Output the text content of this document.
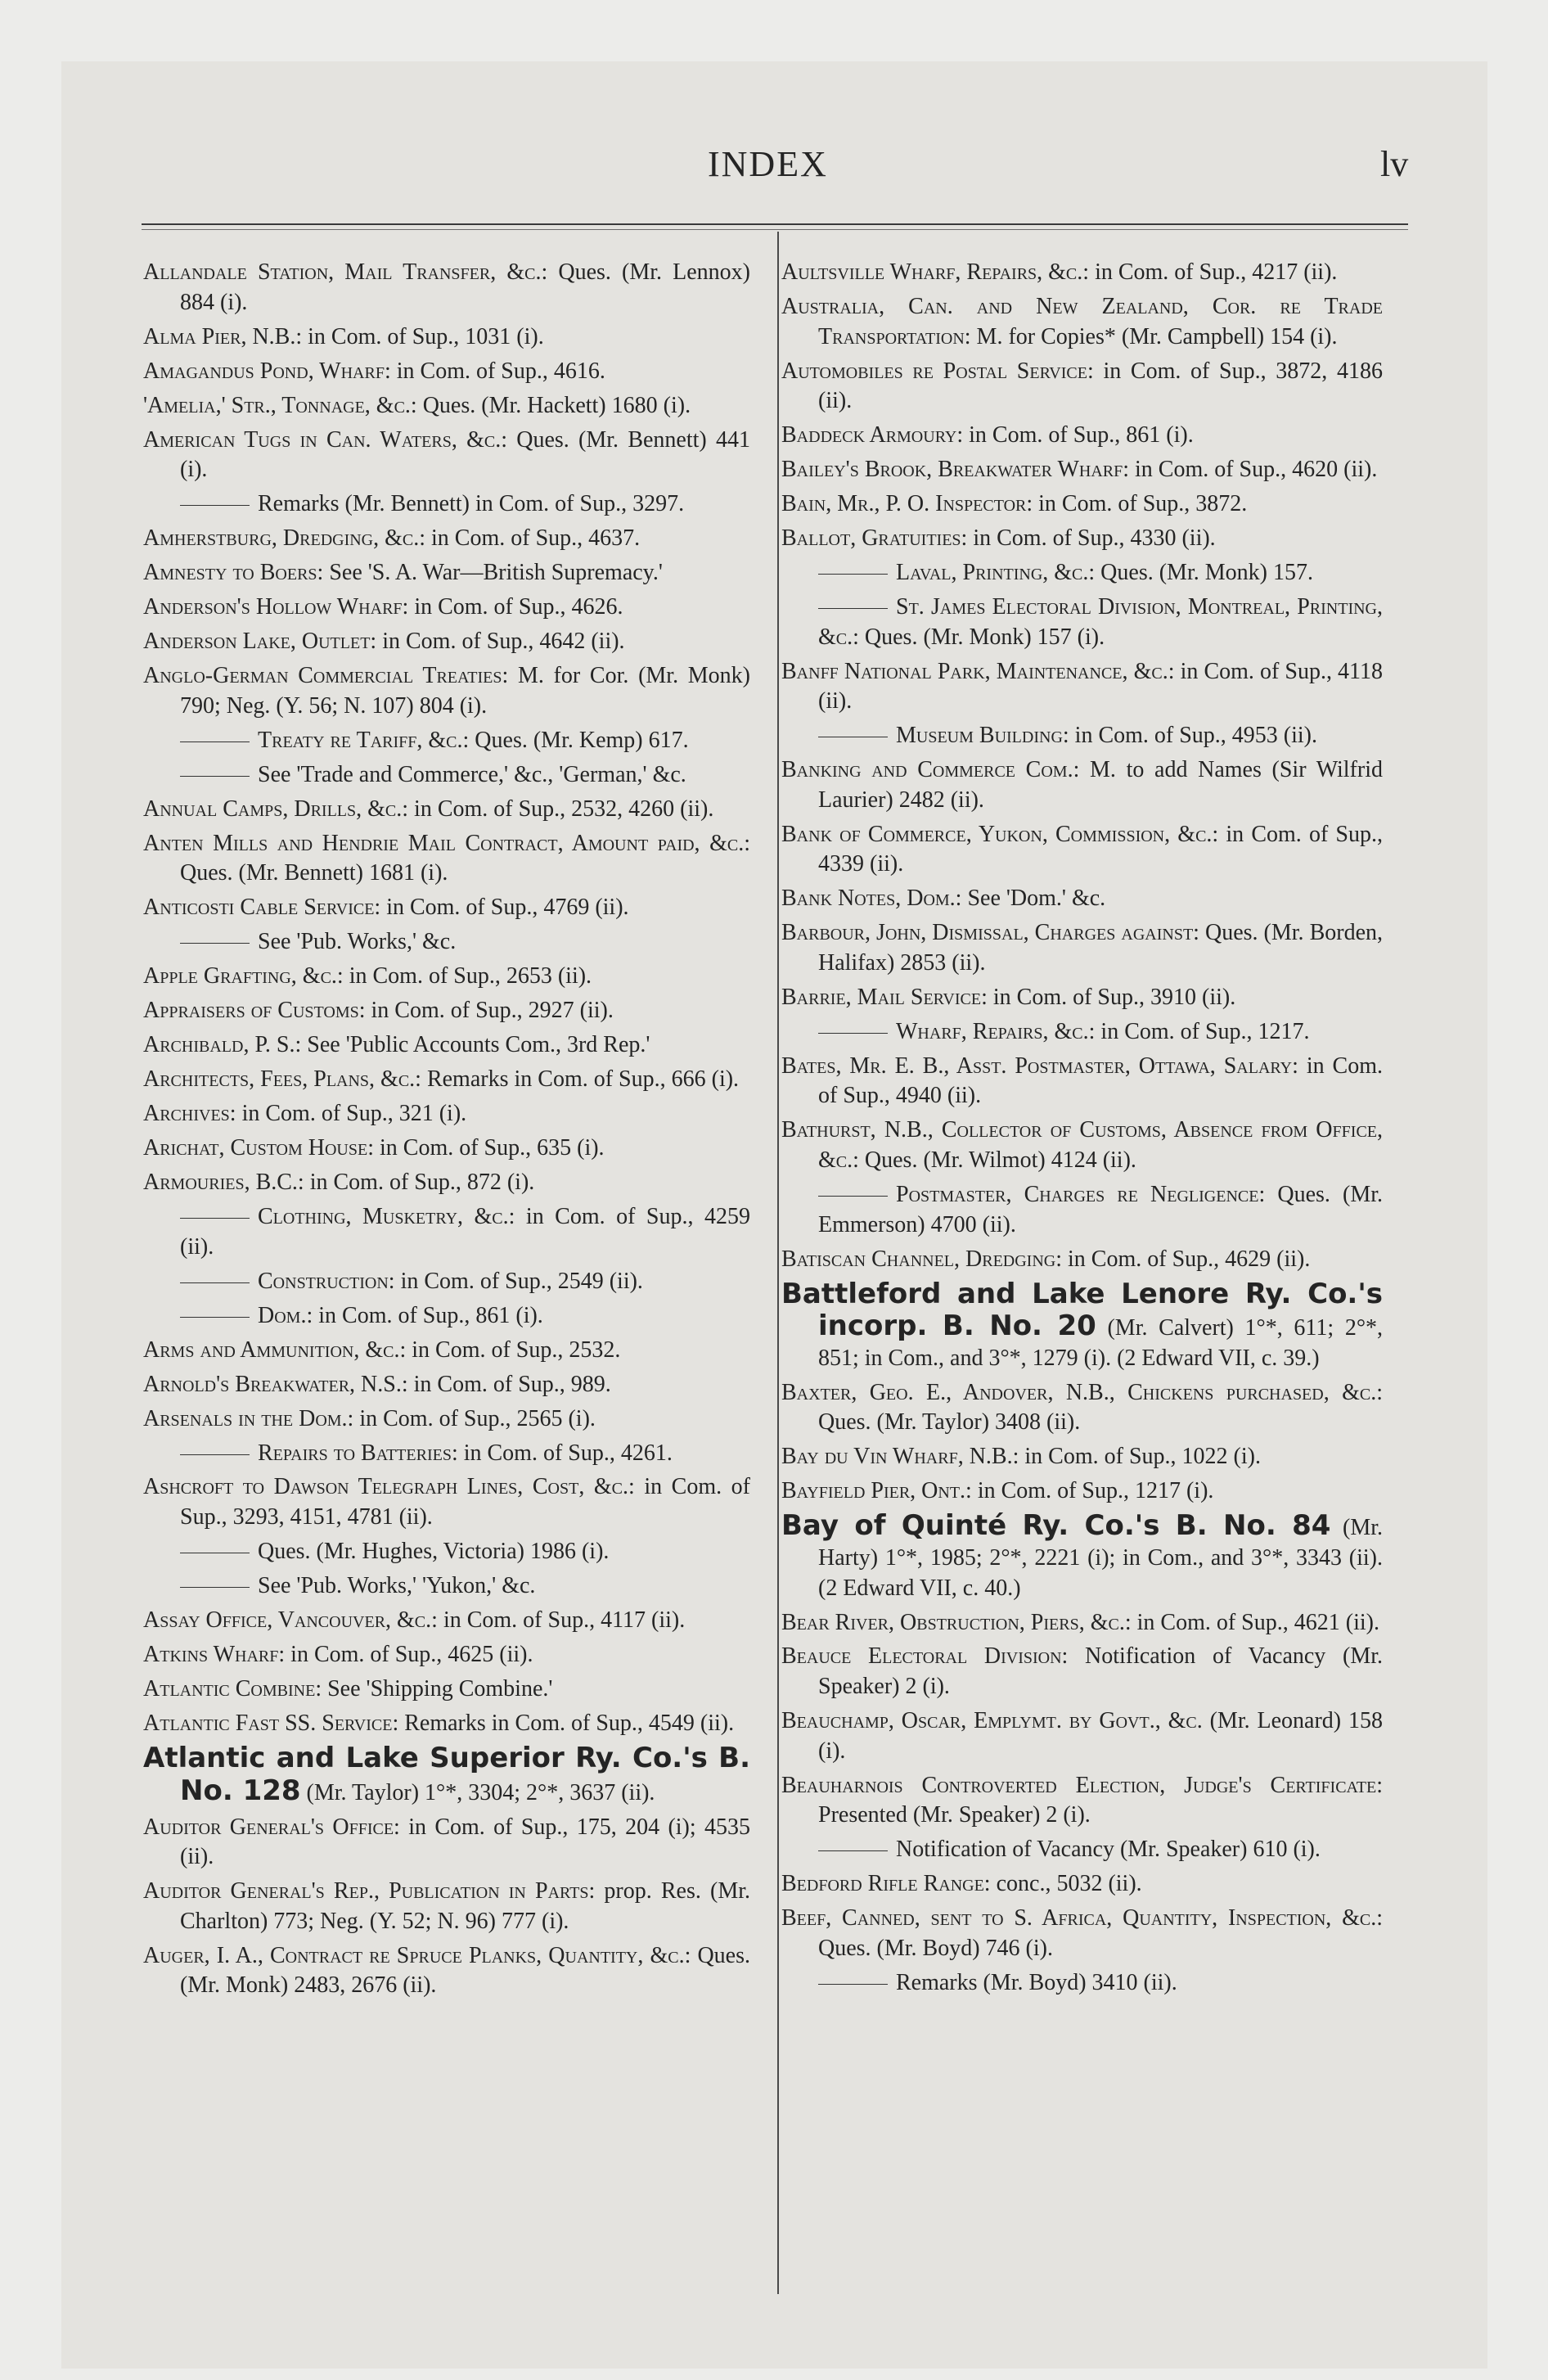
INDEX	lv

Allandale Station, Mail Transfer, &c.: Ques. (Mr. Lennox) 884 (i).

Alma Pier, N.B.: in Com. of Sup., 1031 (i).

Amagandus Pond, Wharf: in Com. of Sup., 4616.

'Amelia,' Str., Tonnage, &c.: Ques. (Mr. Hackett) 1680 (i).

American Tugs in Can. Waters, &c.: Ques. (Mr. Bennett) 441 (i).

Remarks (Mr. Bennett) in Com. of Sup., 3297.

Amherstburg, Dredging, &c.: in Com. of Sup., 4637.

Amnesty to Boers: See 'S. A. War—British Supremacy.'

Anderson's Hollow Wharf: in Com. of Sup., 4626.

Anderson Lake, Outlet: in Com. of Sup., 4642 (ii).

Anglo-German Commercial Treaties: M. for Cor. (Mr. Monk) 790; Neg. (Y. 56; N. 107) 804 (i).

Treaty re Tariff, &c.: Ques. (Mr. Kemp) 617.

See 'Trade and Commerce,' &c., 'German,' &c.

Annual Camps, Drills, &c.: in Com. of Sup., 2532, 4260 (ii).

Anten Mills and Hendrie Mail Contract, Amount paid, &c.: Ques. (Mr. Bennett) 1681 (i).

Anticosti Cable Service: in Com. of Sup., 4769 (ii).

See 'Pub. Works,' &c.

Apple Grafting, &c.: in Com. of Sup., 2653 (ii).

Appraisers of Customs: in Com. of Sup., 2927 (ii).

Archibald, P. S.: See 'Public Accounts Com., 3rd Rep.'

Architects, Fees, Plans, &c.: Remarks in Com. of Sup., 666 (i).

Archives: in Com. of Sup., 321 (i).

Arichat, Custom House: in Com. of Sup., 635 (i).

Armouries, B.C.: in Com. of Sup., 872 (i).

Clothing, Musketry, &c.: in Com. of Sup., 4259 (ii).

Construction: in Com. of Sup., 2549 (ii).

Dom.: in Com. of Sup., 861 (i).

Arms and Ammunition, &c.: in Com. of Sup., 2532.

Arnold's Breakwater, N.S.: in Com. of Sup., 989.

Arsenals in the Dom.: in Com. of Sup., 2565 (i).

Repairs to Batteries: in Com. of Sup., 4261.

Ashcroft to Dawson Telegraph Lines, Cost, &c.: in Com. of Sup., 3293, 4151, 4781 (ii).

Ques. (Mr. Hughes, Victoria) 1986 (i).

See 'Pub. Works,' 'Yukon,' &c.

Assay Office, Vancouver, &c.: in Com. of Sup., 4117 (ii).

Atkins Wharf: in Com. of Sup., 4625 (ii).

Atlantic Combine: See 'Shipping Combine.'

Atlantic Fast SS. Service: Remarks in Com. of Sup., 4549 (ii).

Atlantic and Lake Superior Ry. Co.'s B. No. 128 (Mr. Taylor) 1°*, 3304; 2°*, 3637 (ii).

Auditor General's Office: in Com. of Sup., 175, 204 (i); 4535 (ii).

Auditor General's Rep., Publication in Parts: prop. Res. (Mr. Charlton) 773; Neg. (Y. 52; N. 96) 777 (i).

Auger, I. A., Contract re Spruce Planks, Quantity, &c.: Ques. (Mr. Monk) 2483, 2676 (ii).

Aultsville Wharf, Repairs, &c.: in Com. of Sup., 4217 (ii).

Australia, Can. and New Zealand, Cor. re Trade Transportation: M. for Copies* (Mr. Campbell) 154 (i).

Automobiles re Postal Service: in Com. of Sup., 3872, 4186 (ii).

Baddeck Armoury: in Com. of Sup., 861 (i).

Bailey's Brook, Breakwater Wharf: in Com. of Sup., 4620 (ii).

Bain, Mr., P. O. Inspector: in Com. of Sup., 3872.

Ballot, Gratuities: in Com. of Sup., 4330 (ii).

Laval, Printing, &c.: Ques. (Mr. Monk) 157.

St. James Electoral Division, Montreal, Printing, &c.: Ques. (Mr. Monk) 157 (i).

Banff National Park, Maintenance, &c.: in Com. of Sup., 4118 (ii).

Museum Building: in Com. of Sup., 4953 (ii).

Banking and Commerce Com.: M. to add Names (Sir Wilfrid Laurier) 2482 (ii).

Bank of Commerce, Yukon, Commission, &c.: in Com. of Sup., 4339 (ii).

Bank Notes, Dom.: See 'Dom.' &c.

Barbour, John, Dismissal, Charges against: Ques. (Mr. Borden, Halifax) 2853 (ii).

Barrie, Mail Service: in Com. of Sup., 3910 (ii).

Wharf, Repairs, &c.: in Com. of Sup., 1217.

Bates, Mr. E. B., Asst. Postmaster, Ottawa, Salary: in Com. of Sup., 4940 (ii).

Bathurst, N.B., Collector of Customs, Absence from Office, &c.: Ques. (Mr. Wilmot) 4124 (ii).

Postmaster, Charges re Negligence: Ques. (Mr. Emmerson) 4700 (ii).

Batiscan Channel, Dredging: in Com. of Sup., 4629 (ii).

Battleford and Lake Lenore Ry. Co.'s incorp. B. No. 20 (Mr. Calvert) 1°*, 611; 2°*, 851; in Com., and 3°*, 1279 (i). (2 Edward VII, c. 39.)

Baxter, Geo. E., Andover, N.B., Chickens purchased, &c.: Ques. (Mr. Taylor) 3408 (ii).

Bay du Vin Wharf, N.B.: in Com. of Sup., 1022 (i).

Bayfield Pier, Ont.: in Com. of Sup., 1217 (i).

Bay of Quinté Ry. Co.'s B. No. 84 (Mr. Harty) 1°*, 1985; 2°*, 2221 (i); in Com., and 3°*, 3343 (ii). (2 Edward VII, c. 40.)

Bear River, Obstruction, Piers, &c.: in Com. of Sup., 4621 (ii).

Beauce Electoral Division: Notification of Vacancy (Mr. Speaker) 2 (i).

Beauchamp, Oscar, Emplymt. by Govt., &c. (Mr. Leonard) 158 (i).

Beauharnois Controverted Election, Judge's Certificate: Presented (Mr. Speaker) 2 (i).

Notification of Vacancy (Mr. Speaker) 610 (i).

Bedford Rifle Range: conc., 5032 (ii).

Beef, Canned, sent to S. Africa, Quantity, Inspection, &c.: Ques. (Mr. Boyd) 746 (i).

Remarks (Mr. Boyd) 3410 (ii).
